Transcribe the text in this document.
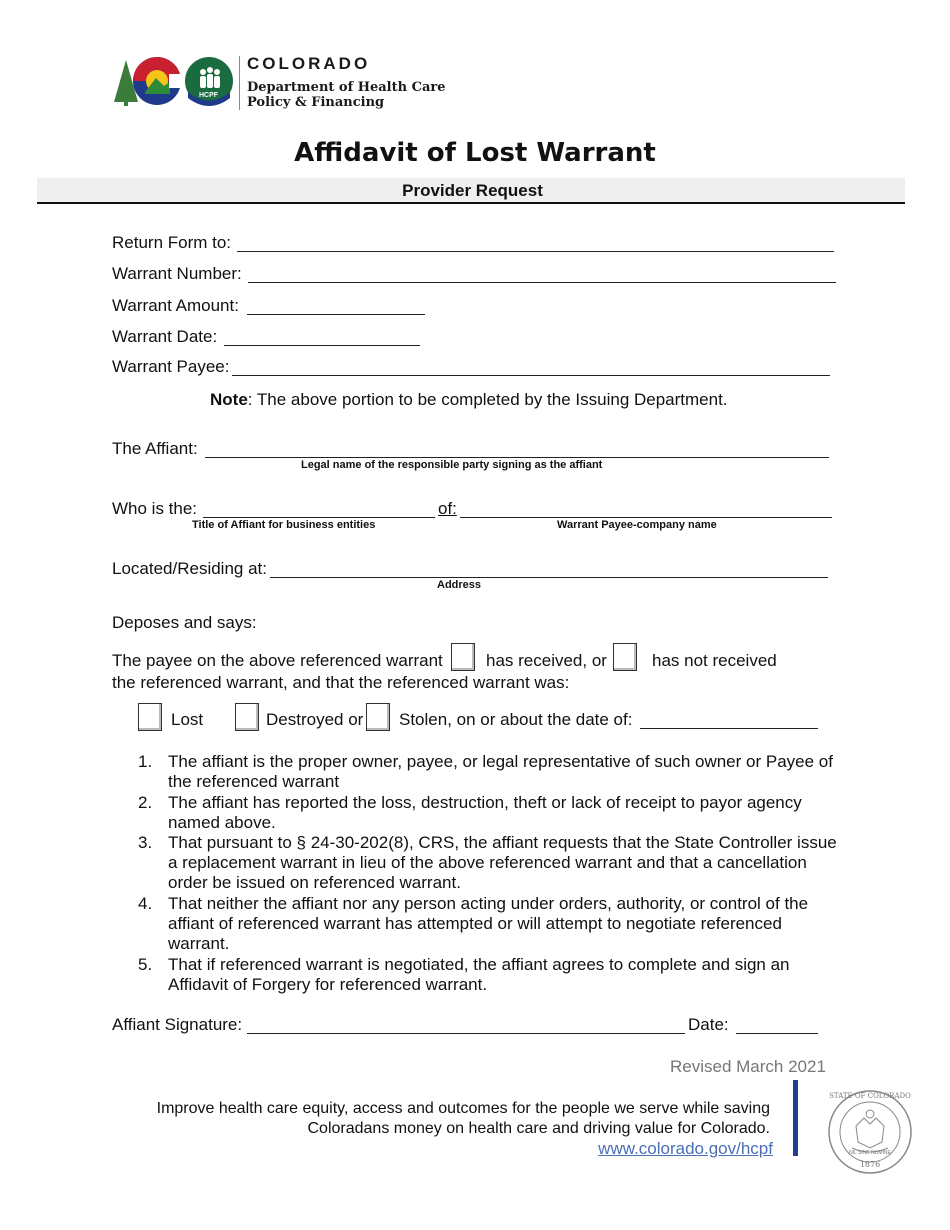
HCPF
COLORADO
Department of Health Care
Policy & Financing
Affidavit of Lost Warrant
Provider Request
Return Form to:
Warrant Number:
Warrant Amount:
Warrant Date:
Warrant Payee:
Note: The above portion to be completed by the Issuing Department.
The Affiant:
Legal name of the responsible party signing as the affiant
Who is the:	of:
Title of Affiant for business entities	Warrant Payee-company name
Located/Residing at:
Address
Deposes and says:
The payee on the above referenced warrant	has received, or	has not received
the referenced warrant, and that the referenced warrant was:
Lost	Destroyed or Stolen, on or about the date of:
1. The affiant is the proper owner, payee, or legal representative of such owner or Payee of the referenced warrant
2. The affiant has reported the loss, destruction, theft or lack of receipt to payor agency named above.
3. That pursuant to § 24-30-202(8), CRS, the affiant requests that the State Controller issue a replacement warrant in lieu of the above referenced warrant and that a cancellation order be issued on referenced warrant.
4. That neither the affiant nor any person acting under orders, authority, or control of the affiant of referenced warrant has attempted or will attempt to negotiate referenced warrant.
5. That if referenced warrant is negotiated, the affiant agrees to complete and sign an Affidavit of Forgery for referenced warrant.
Affiant Signature:	Date:
Revised March 2021
Improve health care equity, access and outcomes for the people we serve while saving
Coloradans money on health care and driving value for Colorado.
www.colorado.gov/hcpf
STATE OF COLORADO
NIL SINE NUMINE
1876
